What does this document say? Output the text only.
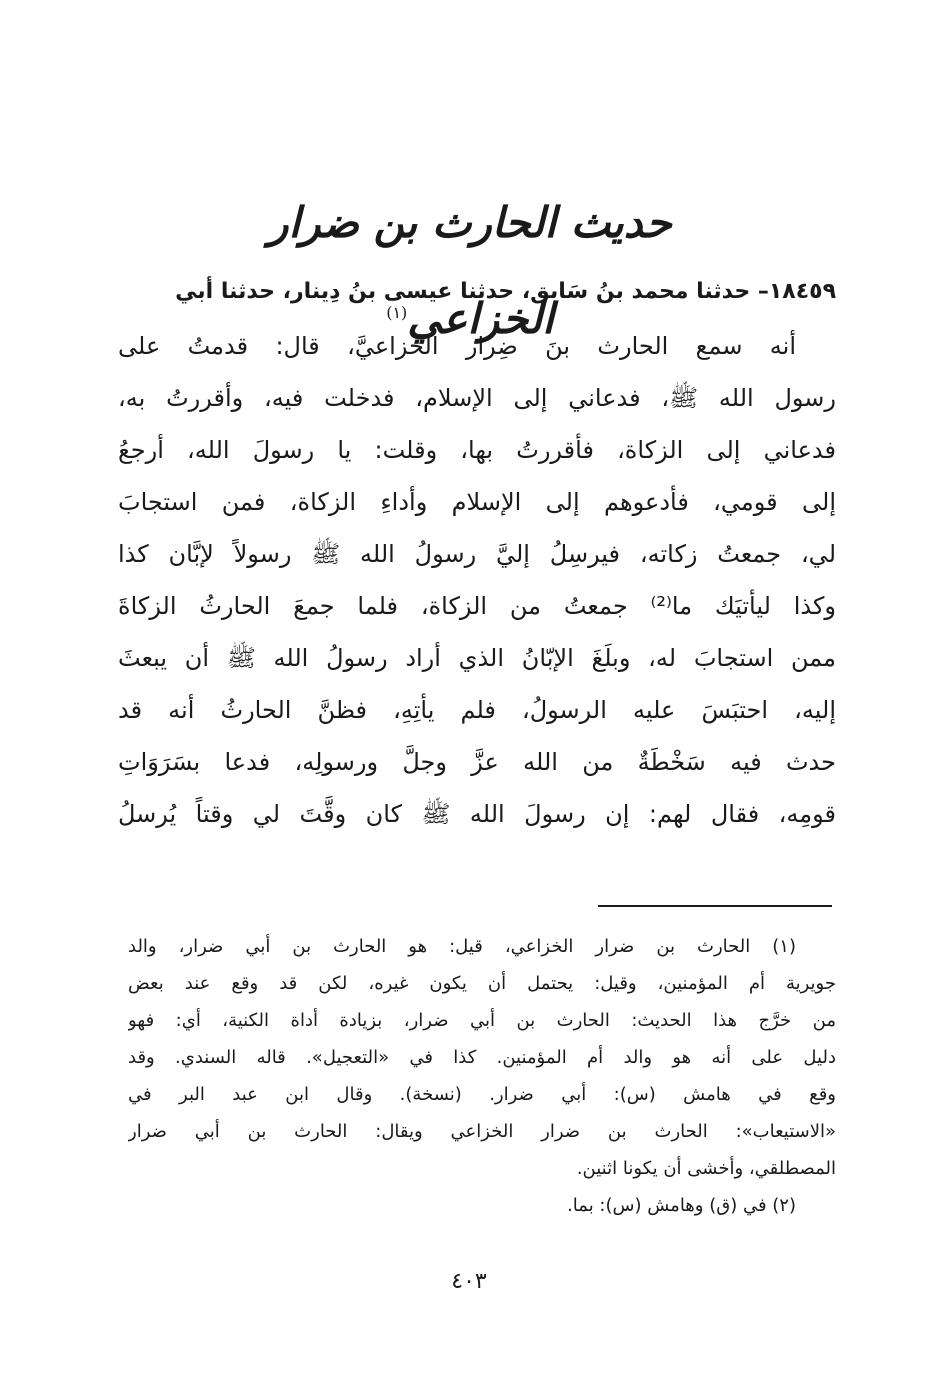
حديث الحارث بن ضرار الخزاعي$^{(١)}$
١٨٤٥٩– حدثنا محمد بنُ سَابق، حدثنا عيسى بنُ دِينار، حدثنا أبي
أنه سمع الحارث بنَ ضِرار الخزاعيَّ، قال: قدمتُ على
رسول الله ﷺ، فدعاني إلى الإسلام، فدخلت فيه، وأقررتُ به،
فدعاني إلى الزكاة، فأقررتُ بها، وقلت: يا رسولَ الله، أرجعُ
إلى قومي، فأدعوهم إلى الإسلام وأداءِ الزكاة، فمن استجابَ
لي، جمعتُ زكاته، فيرسِلُ إليَّ رسولُ الله ﷺ رسولاً لإبَّان كذا
وكذا ليأتيَك ما⁽²⁾ جمعتُ من الزكاة، فلما جمعَ الحارثُ الزكاةَ
ممن استجابَ له، وبلَغَ الإبّانُ الذي أراد رسولُ الله ﷺ أن يبعثَ
إليه، احتبَسَ عليه الرسولُ، فلم يأتِهِ، فظنَّ الحارثُ أنه قد
حدث فيه سَخْطَةٌ من الله عزَّ وجلَّ ورسولِه، فدعا بسَرَوَاتِ
قومِه، فقال لهم: إن رسولَ الله ﷺ كان وقَّتَ لي وقتاً يُرسلُ
(١) الحارث بن ضرار الخزاعي، قيل: هو الحارث بن أبي ضرار، والد
جويرية أم المؤمنين، وقيل: يحتمل أن يكون غيره، لكن قد وقع عند بعض
من خرَّج هذا الحديث: الحارث بن أبي ضرار، بزيادة أداة الكنية، أي: فهو
دليل على أنه هو والد أم المؤمنين. كذا في «التعجيل». قاله السندي. وقد
وقع في هامش (س): أبي ضرار. (نسخة). وقال ابن عبد البر في
«الاستيعاب»: الحارث بن ضرار الخزاعي ويقال: الحارث بن أبي ضرار
المصطلقي، وأخشى أن يكونا اثنين.
(٢) في (ق) وهامش (س): بما.
٤٠٣
